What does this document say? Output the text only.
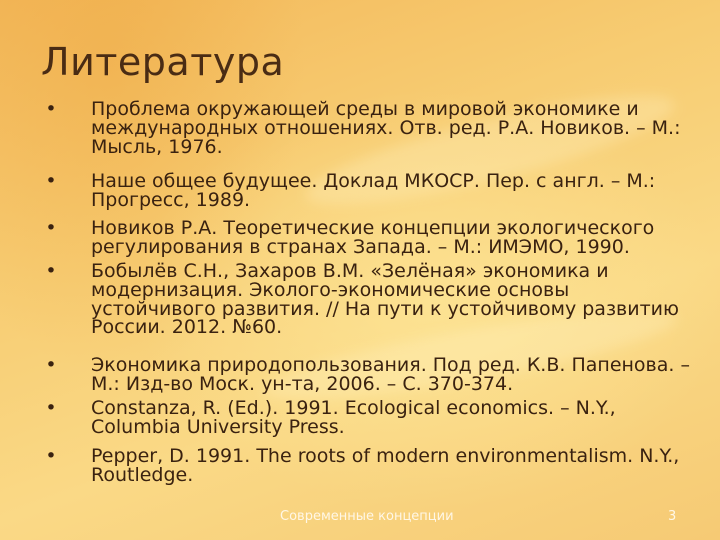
Литература
• Проблема окружающей среды в мировой экономике и международных отношениях. Отв. ред. Р.А. Новиков. – М.: Мысль, 1976.
• Наше общее будущее. Доклад МКОСР. Пер. с англ. – М.: Прогресс, 1989.
• Новиков Р.А. Теоретические концепции экологического регулирования в странах Запада. – М.: ИМЭМО, 1990.
• Бобылёв С.Н., Захаров В.М. «Зелёная» экономика и модернизация. Эколого-экономические основы устойчивого развития. // На пути к устойчивому развитию России. 2012. №60.
• Экономика природопользования. Под ред. К.В. Папенова. –М.: Изд-во Моск. ун-та, 2006. – С. 370-374.
• Constanza, R. (Ed.). 1991. Ecological economics. – N.Y., Columbia University Press.
• Pepper, D. 1991. The roots of modern environmentalism. N.Y., Routledge.
Современные концепции	3
